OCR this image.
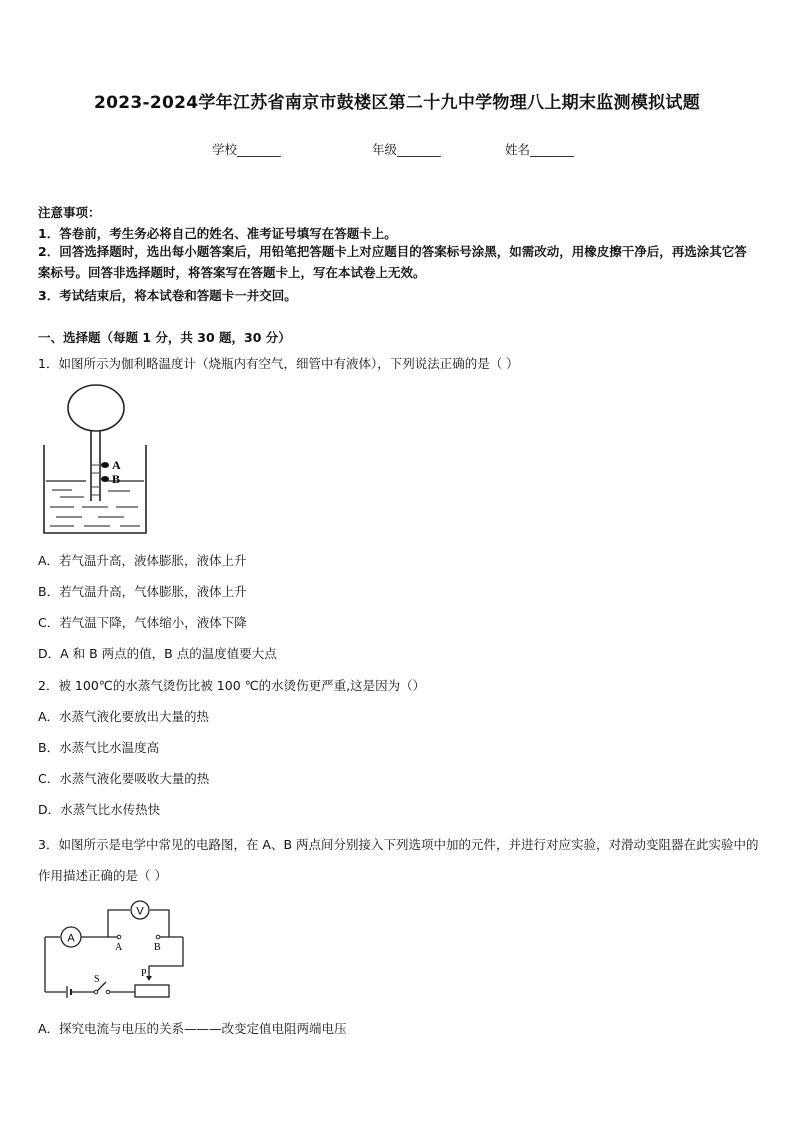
2023-2024学年江苏省南京市鼓楼区第二十九中学物理八上期末监测模拟试题
学校_______	年级_______	姓名_______
注意事项：
1．答卷前，考生务必将自己的姓名、准考证号填写在答题卡上。
2．回答选择题时，选出每小题答案后，用铅笔把答题卡上对应题目的答案标号涂黑，如需改动，用橡皮擦干净后，再选涂其它答案标号。回答非选择题时，将答案写在答题卡上，写在本试卷上无效。
3．考试结束后，将本试卷和答题卡一并交回。
一、选择题（每题 1 分，共 30 题，30 分）
1．如图所示为伽利略温度计（烧瓶内有空气，细管中有液体），下列说法正确的是（ ）
A
B
A．若气温升高，液体膨胀，液体上升
B．若气温升高，气体膨胀，液体上升
C．若气温下降，气体缩小，液体下降
D．A 和 B 两点的值，B 点的温度值要大点
2．被 100℃的水蒸气烫伤比被 100 ℃的水烫伤更严重,这是因为（）
A．水蒸气液化要放出大量的热
B．水蒸气比水温度高
C．水蒸气液化要吸收大量的热
D．水蒸气比水传热快
3．如图所示是电学中常见的电路图，在 A、B 两点间分别接入下列选项中加的元件，并进行对应实验，对滑动变阻器在此实验中的作用描述正确的是（ ）
V
A
A	B
P
S
A．探究电流与电压的关系———改变定值电阻两端电压
